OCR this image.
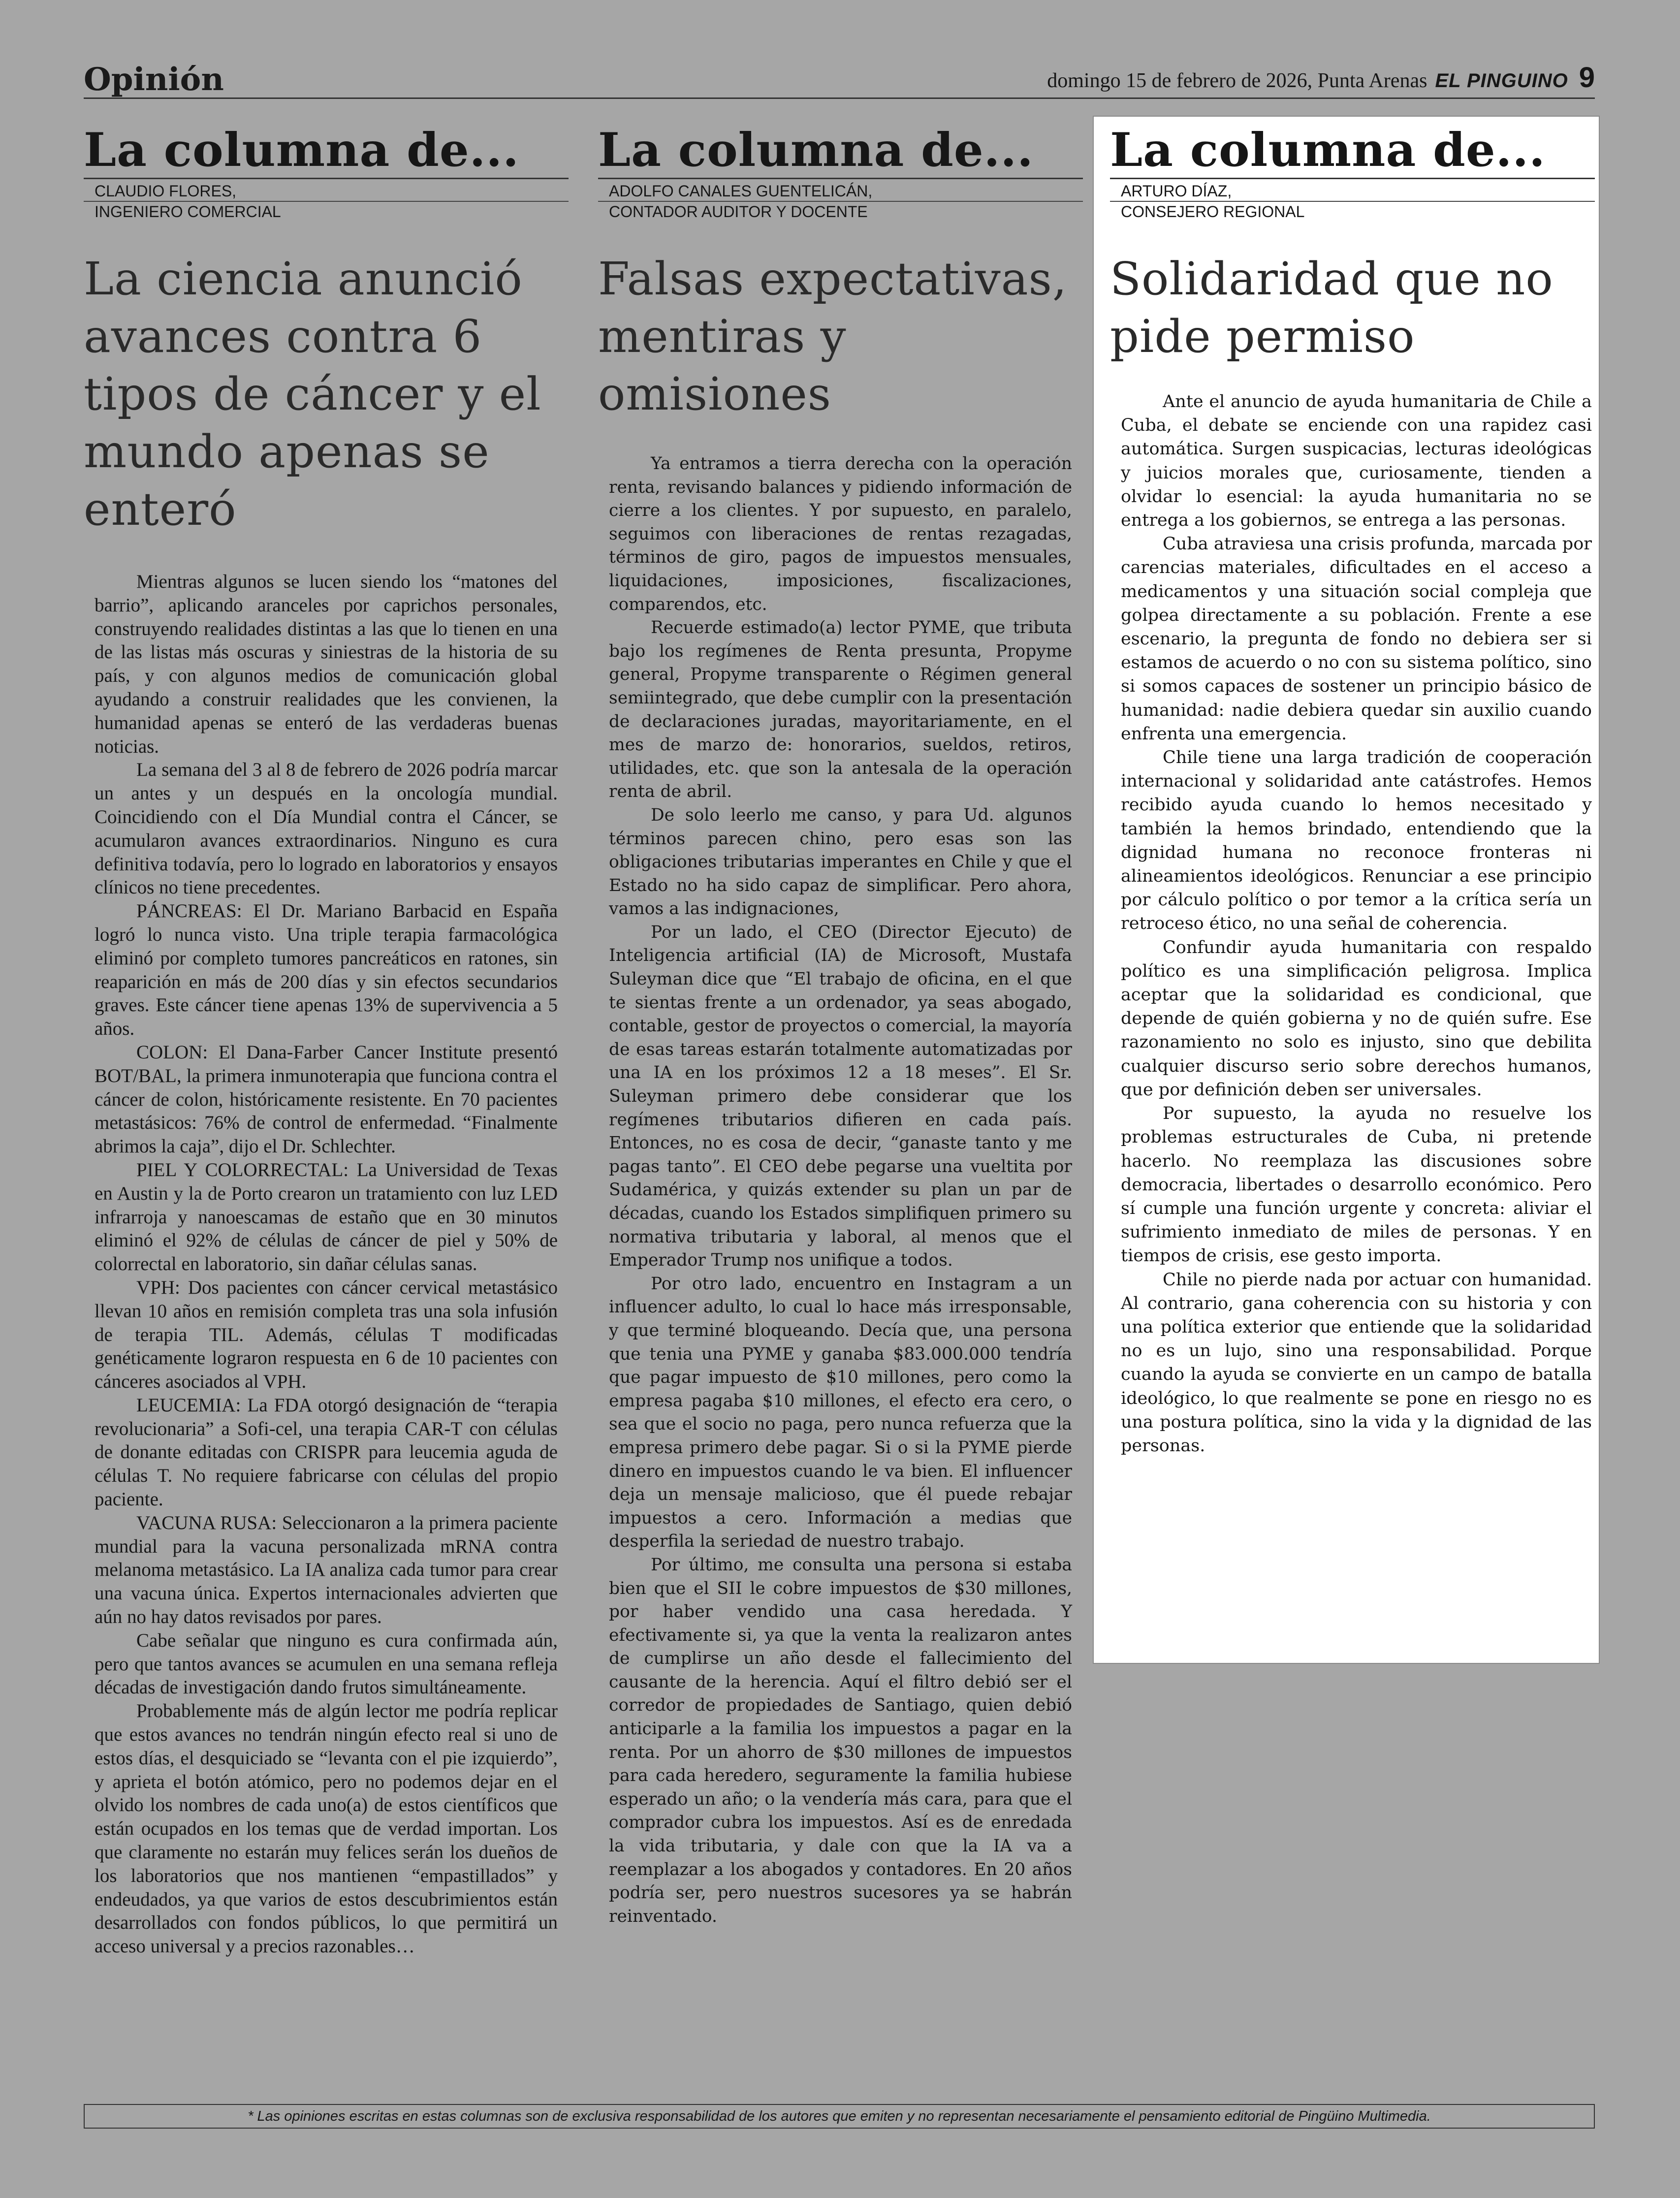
Opinión	domingo 15 de febrero de 2026, Punta Arenas EL PINGUINO 9
La columna de...
CLAUDIO FLORES,
INGENIERO COMERCIAL
La ciencia anunció avances contra 6 tipos de cáncer y el mundo apenas se enteró

Mientras algunos se lucen siendo los “matones del barrio”, aplicando aranceles por caprichos personales, construyendo realidades distintas a las que lo tienen en una de las listas más oscuras y siniestras de la historia de su país, y con algunos medios de comunicación global ayudando a construir realidades que les convienen, la humanidad apenas se enteró de las verdaderas buenas noticias.

La semana del 3 al 8 de febrero de 2026 podría marcar un antes y un después en la oncología mundial. Coincidiendo con el Día Mundial contra el Cáncer, se acumularon avances extraordinarios. Ninguno es cura definitiva todavía, pero lo logrado en laboratorios y ensayos clínicos no tiene precedentes.

PÁNCREAS: El Dr. Mariano Barbacid en España logró lo nunca visto. Una triple terapia farmacológica eliminó por completo tumores pancreáticos en ratones, sin reaparición en más de 200 días y sin efectos secundarios graves. Este cáncer tiene apenas 13% de supervivencia a 5 años.

COLON: El Dana-Farber Cancer Institute presentó BOT/BAL, la primera inmunoterapia que funciona contra el cáncer de colon, históricamente resistente. En 70 pacientes metastásicos: 76% de control de enfermedad. “Finalmente abrimos la caja”, dijo el Dr. Schlechter.

PIEL Y COLORRECTAL: La Universidad de Texas en Austin y la de Porto crearon un tratamiento con luz LED infrarroja y nanoescamas de estaño que en 30 minutos eliminó el 92% de células de cáncer de piel y 50% de colorrectal en laboratorio, sin dañar células sanas.

VPH: Dos pacientes con cáncer cervical metastásico llevan 10 años en remisión completa tras una sola infusión de terapia TIL. Además, células T modificadas genéticamente lograron respuesta en 6 de 10 pacientes con cánceres asociados al VPH.

LEUCEMIA: La FDA otorgó designación de “terapia revolucionaria” a Sofi-cel, una terapia CAR-T con células de donante editadas con CRISPR para leucemia aguda de células T. No requiere fabricarse con células del propio paciente.

VACUNA RUSA: Seleccionaron a la primera paciente mundial para la vacuna personalizada mRNA contra melanoma metastásico. La IA analiza cada tumor para crear una vacuna única. Expertos internacionales advierten que aún no hay datos revisados por pares.

Cabe señalar que ninguno es cura confirmada aún, pero que tantos avances se acumulen en una semana refleja décadas de investigación dando frutos simultáneamente.

Probablemente más de algún lector me podría replicar que estos avances no tendrán ningún efecto real si uno de estos días, el desquiciado se “levanta con el pie izquierdo”, y aprieta el botón atómico, pero no podemos dejar en el olvido los nombres de cada uno(a) de estos científicos que están ocupados en los temas que de verdad importan. Los que claramente no estarán muy felices serán los dueños de los laboratorios que nos mantienen “empastillados” y endeudados, ya que varios de estos descubrimientos están desarrollados con fondos públicos, lo que permitirá un acceso universal y a precios razonables…

La columna de...
ADOLFO CANALES GUENTELICÁN,
CONTADOR AUDITOR Y DOCENTE
Falsas expectativas, mentiras y omisiones

Ya entramos a tierra derecha con la operación renta, revisando balances y pidiendo información de cierre a los clientes. Y por supuesto, en paralelo, seguimos con liberaciones de rentas rezagadas, términos de giro, pagos de impuestos mensuales, liquidaciones, imposiciones, fiscalizaciones, comparendos, etc.

Recuerde estimado(a) lector PYME, que tributa bajo los regímenes de Renta presunta, Propyme general, Propyme transparente o Régimen general semiintegrado, que debe cumplir con la presentación de declaraciones juradas, mayoritariamente, en el mes de marzo de: honorarios, sueldos, retiros, utilidades, etc. que son la antesala de la operación renta de abril.

De solo leerlo me canso, y para Ud. algunos términos parecen chino, pero esas son las obligaciones tributarias imperantes en Chile y que el Estado no ha sido capaz de simplificar. Pero ahora, vamos a las indignaciones,

Por un lado, el CEO (Director Ejecuto) de Inteligencia artificial (IA) de Microsoft, Mustafa Suleyman dice que “El trabajo de oficina, en el que te sientas frente a un ordenador, ya seas abogado, contable, gestor de proyectos o comercial, la mayoría de esas tareas estarán totalmente automatizadas por una IA en los próximos 12 a 18 meses”. El Sr. Suleyman primero debe considerar que los regímenes tributarios difieren en cada país. Entonces, no es cosa de decir, “ganaste tanto y me pagas tanto”. El CEO debe pegarse una vueltita por Sudamérica, y quizás extender su plan un par de décadas, cuando los Estados simplifiquen primero su normativa tributaria y laboral, al menos que el Emperador Trump nos unifique a todos.

Por otro lado, encuentro en Instagram a un influencer adulto, lo cual lo hace más irresponsable, y que terminé bloqueando. Decía que, una persona que tenia una PYME y ganaba $83.000.000 tendría que pagar impuesto de $10 millones, pero como la empresa pagaba $10 millones, el efecto era cero, o sea que el socio no paga, pero nunca refuerza que la empresa primero debe pagar. Si o si la PYME pierde dinero en impuestos cuando le va bien. El influencer deja un mensaje malicioso, que él puede rebajar impuestos a cero. Información a medias que desperfila la seriedad de nuestro trabajo.

Por último, me consulta una persona si estaba bien que el SII le cobre impuestos de $30 millones, por haber vendido una casa heredada. Y efectivamente si, ya que la venta la realizaron antes de cumplirse un año desde el fallecimiento del causante de la herencia. Aquí el filtro debió ser el corredor de propiedades de Santiago, quien debió anticiparle a la familia los impuestos a pagar en la renta. Por un ahorro de $30 millones de impuestos para cada heredero, seguramente la familia hubiese esperado un año; o la vendería más cara, para que el comprador cubra los impuestos. Así es de enredada la vida tributaria, y dale con que la IA va a reemplazar a los abogados y contadores. En 20 años podría ser, pero nuestros sucesores ya se habrán reinventado.

La columna de...
ARTURO DÍAZ,
CONSEJERO REGIONAL
Solidaridad que no pide permiso

Ante el anuncio de ayuda humanitaria de Chile a Cuba, el debate se enciende con una rapidez casi automática. Surgen suspicacias, lecturas ideológicas y juicios morales que, curiosamente, tienden a olvidar lo esencial: la ayuda humanitaria no se entrega a los gobiernos, se entrega a las personas.

Cuba atraviesa una crisis profunda, marcada por carencias materiales, dificultades en el acceso a medicamentos y una situación social compleja que golpea directamente a su población. Frente a ese escenario, la pregunta de fondo no debiera ser si estamos de acuerdo o no con su sistema político, sino si somos capaces de sostener un principio básico de humanidad: nadie debiera quedar sin auxilio cuando enfrenta una emergencia.

Chile tiene una larga tradición de cooperación internacional y solidaridad ante catástrofes. Hemos recibido ayuda cuando lo hemos necesitado y también la hemos brindado, entendiendo que la dignidad humana no reconoce fronteras ni alineamientos ideológicos. Renunciar a ese principio por cálculo político o por temor a la crítica sería un retroceso ético, no una señal de coherencia.

Confundir ayuda humanitaria con respaldo político es una simplificación peligrosa. Implica aceptar que la solidaridad es condicional, que depende de quién gobierna y no de quién sufre. Ese razonamiento no solo es injusto, sino que debilita cualquier discurso serio sobre derechos humanos, que por definición deben ser universales.

Por supuesto, la ayuda no resuelve los problemas estructurales de Cuba, ni pretende hacerlo. No reemplaza las discusiones sobre democracia, libertades o desarrollo económico. Pero sí cumple una función urgente y concreta: aliviar el sufrimiento inmediato de miles de personas. Y en tiempos de crisis, ese gesto importa.

Chile no pierde nada por actuar con humanidad. Al contrario, gana coherencia con su historia y con una política exterior que entiende que la solidaridad no es un lujo, sino una responsabilidad. Porque cuando la ayuda se convierte en un campo de batalla ideológico, lo que realmente se pone en riesgo no es una postura política, sino la vida y la dignidad de las personas.

* Las opiniones escritas en estas columnas son de exclusiva responsabilidad de los autores que emiten y no representan necesariamente el pensamiento editorial de Pingüino Multimedia.
